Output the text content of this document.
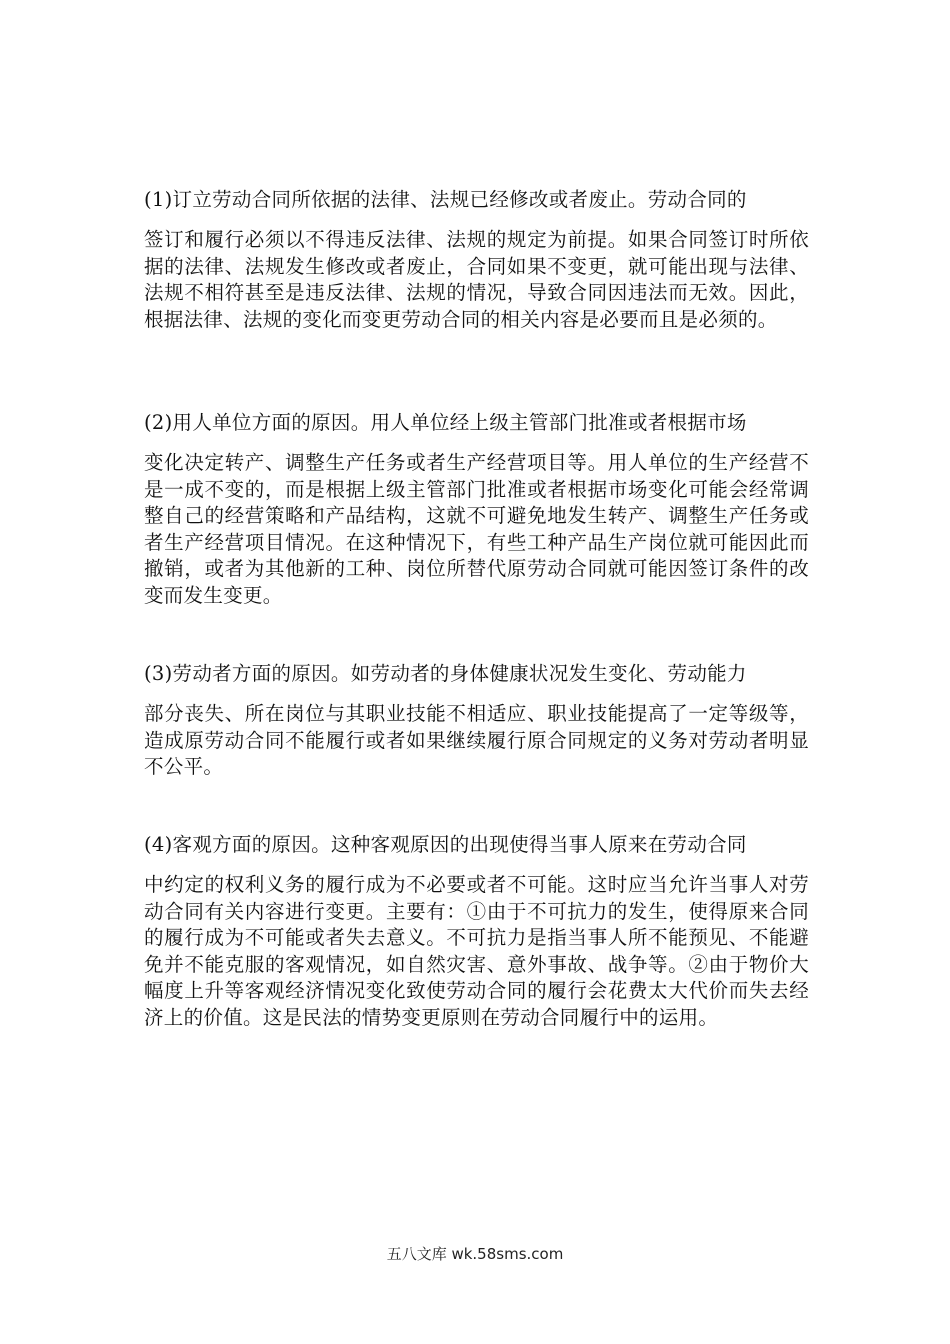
(1)订立劳动合同所依据的法律、法规已经修改或者废止。劳动合同的
签订和履行必须以不得违反法律、法规的规定为前提。如果合同签订时所依据的法律、法规发生修改或者废止，合同如果不变更，就可能出现与法律、法规不相符甚至是违反法律、法规的情况，导致合同因违法而无效。因此，根据法律、法规的变化而变更劳动合同的相关内容是必要而且是必须的。
(2)用人单位方面的原因。用人单位经上级主管部门批准或者根据市场
变化决定转产、调整生产任务或者生产经营项目等。用人单位的生产经营不是一成不变的，而是根据上级主管部门批准或者根据市场变化可能会经常调整自己的经营策略和产品结构，这就不可避免地发生转产、调整生产任务或者生产经营项目情况。在这种情况下，有些工种产品生产岗位就可能因此而撤销，或者为其他新的工种、岗位所替代原劳动合同就可能因签订条件的改变而发生变更。
(3)劳动者方面的原因。如劳动者的身体健康状况发生变化、劳动能力
部分丧失、所在岗位与其职业技能不相适应、职业技能提高了一定等级等，造成原劳动合同不能履行或者如果继续履行原合同规定的义务对劳动者明显不公平。
(4)客观方面的原因。这种客观原因的出现使得当事人原来在劳动合同
中约定的权利义务的履行成为不必要或者不可能。这时应当允许当事人对劳动合同有关内容进行变更。主要有：①由于不可抗力的发生，使得原来合同的履行成为不可能或者失去意义。不可抗力是指当事人所不能预见、不能避免并不能克服的客观情况，如自然灾害、意外事故、战争等。②由于物价大幅度上升等客观经济情况变化致使劳动合同的履行会花费太大代价而失去经济上的价值。这是民法的情势变更原则在劳动合同履行中的运用。
五八文库 wk.58sms.com
